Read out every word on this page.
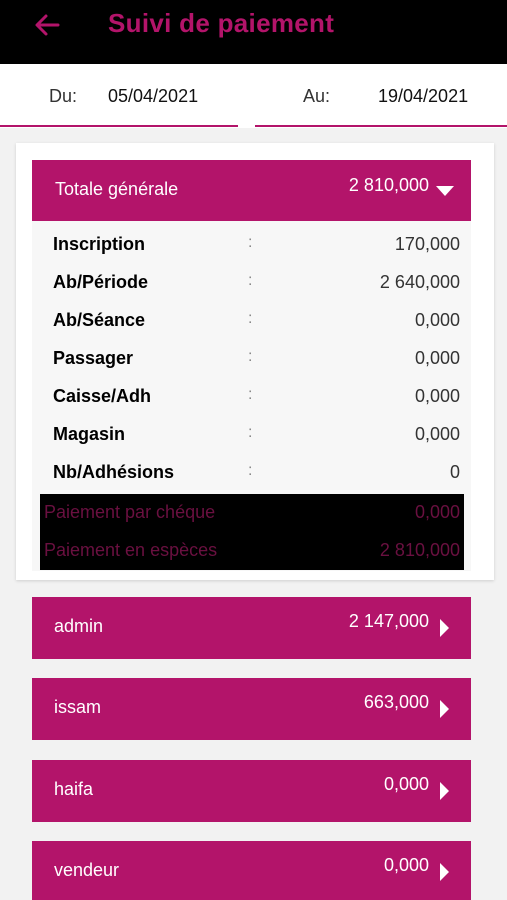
Suivi de paiement
Du: 05/04/2021	Au:	19/04/2021
Totale générale	2 810,000
Inscription	:	170,000
Ab/Période	:	2 640,000
Ab/Séance	:	0,000
Passager	:	0,000
Caisse/Adh	:	0,000
Magasin	:	0,000
Nb/Adhésions	:	0
Paiement par chéque	0,000
Paiement en espèces	2 810,000
admin	2 147,000
issam	663,000
haifa	0,000
vendeur	0,000
